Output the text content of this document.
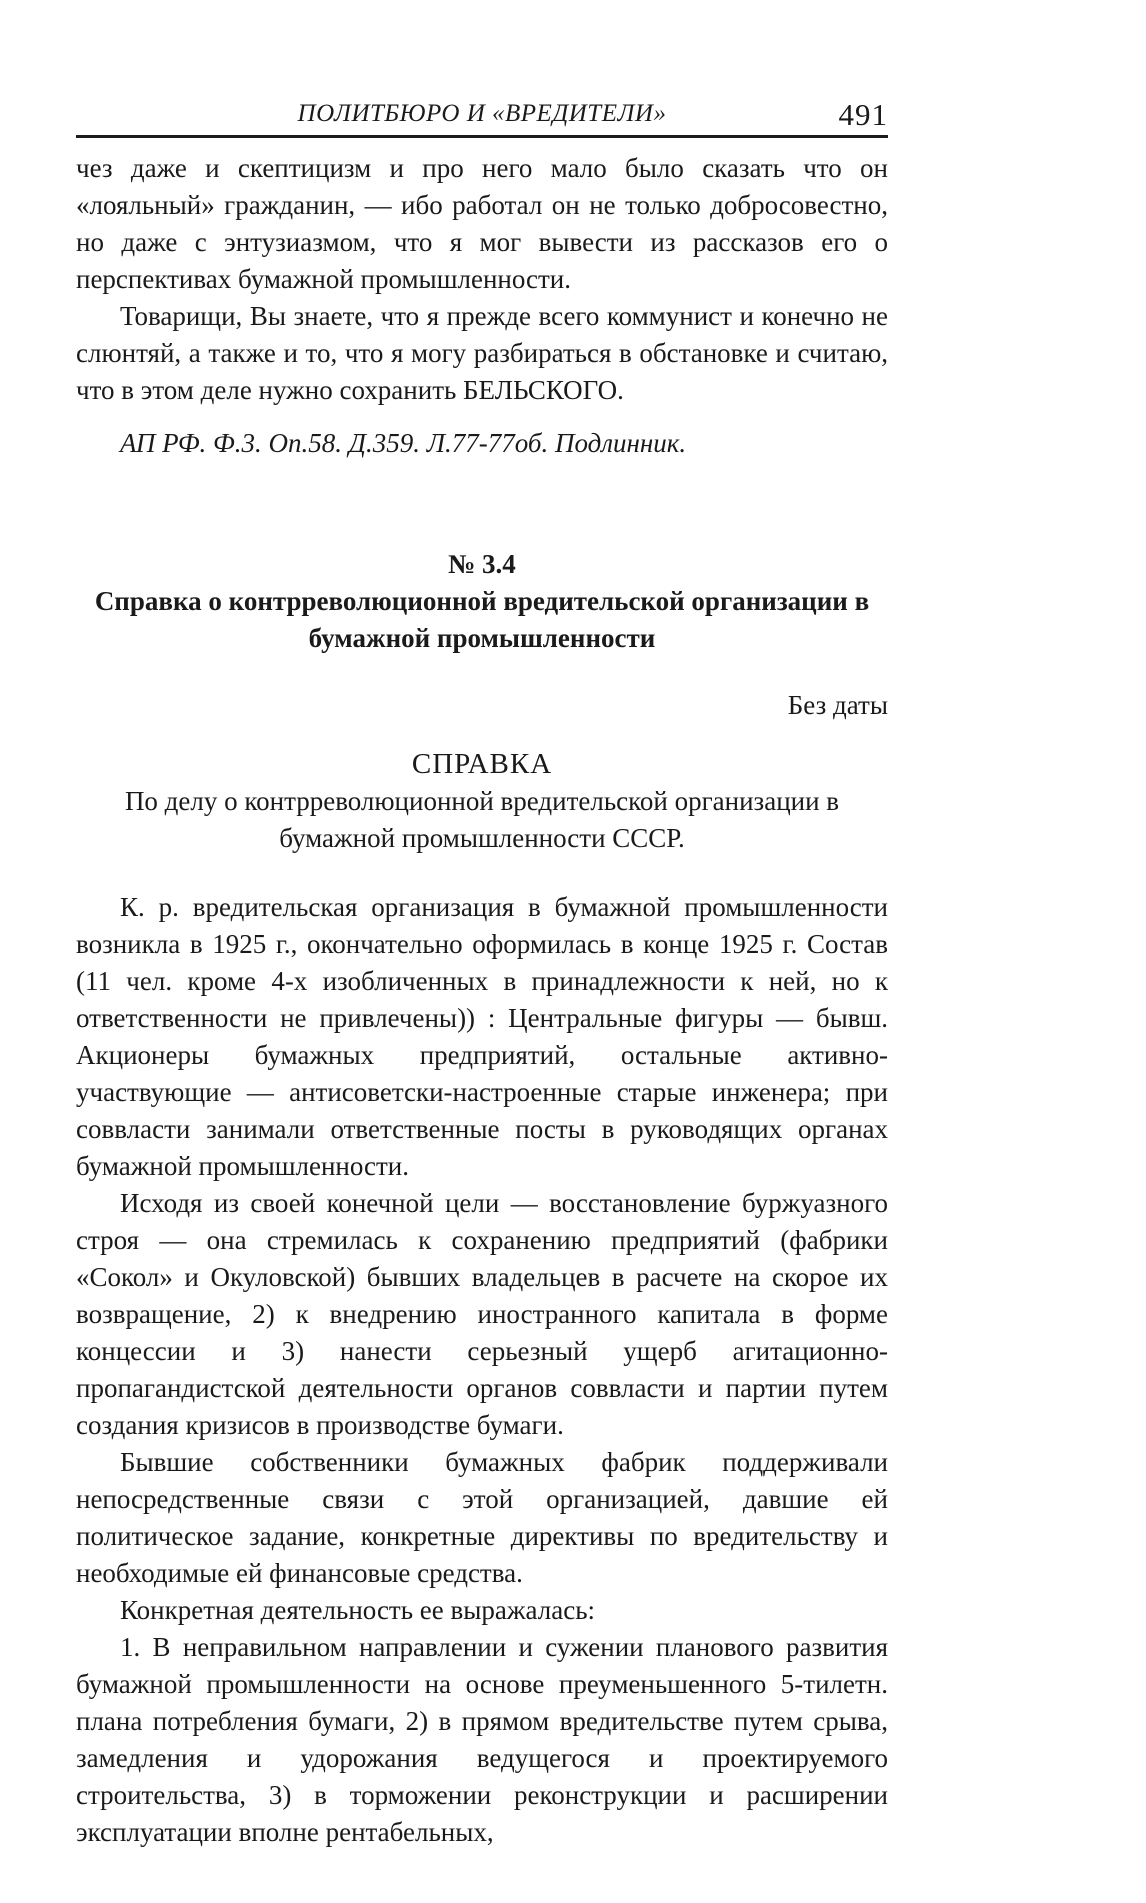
ПОЛИТБЮРО И «ВРЕДИТЕЛИ»	491

чез даже и скептицизм и про него мало было сказать что он «лояльный» гражданин, — ибо работал он не только добросовестно, но даже с энтузиазмом, что я мог вывести из рассказов его о перспективах бумажной промышленности.

Товарищи, Вы знаете, что я прежде всего коммунист и конечно не слюнтяй, а также и то, что я могу разбираться в обстановке и считаю, что в этом деле нужно сохранить БЕЛЬСКОГО.

АП РФ. Ф.3. Оп.58. Д.359. Л.77-77об. Подлинник.

№ 3.4

Справка о контрреволюционной вредительской организации в бумажной промышленности

Без даты

СПРАВКА

По делу о контрреволюционной вредительской организации в бумажной промышленности СССР.

К. р. вредительская организация в бумажной промышленности возникла в 1925 г., окончательно оформилась в конце 1925 г. Состав (11 чел. кроме 4-х изобличенных в принадлежности к ней, но к ответственности не привлечены)) : Центральные фигуры — бывш. Акционеры бумажных предприятий, остальные активно-участвующие — антисоветски-настроенные старые инженера; при соввласти занимали ответственные посты в руководящих органах бумажной промышленности.

Исходя из своей конечной цели — восстановление буржуазного строя — она стремилась к сохранению предприятий (фабрики «Сокол» и Окуловской) бывших владельцев в расчете на скорое их возвращение, 2) к внедрению иностранного капитала в форме концессии и 3) нанести серьезный ущерб агитационно-пропагандистской деятельности органов соввласти и партии путем создания кризисов в производстве бумаги.

Бывшие собственники бумажных фабрик поддерживали непосредственные связи с этой организацией, давшие ей политическое задание, конкретные директивы по вредительству и необходимые ей финансовые средства.

Конкретная деятельность ее выражалась:

1. В неправильном направлении и сужении планового развития бумажной промышленности на основе преуменьшенного 5-тилетн. плана потребления бумаги, 2) в прямом вредительстве путем срыва, замедления и удорожания ведущегося и проектируемого строительства, 3) в торможении реконструкции и расширении эксплуатации вполне рентабельных,
